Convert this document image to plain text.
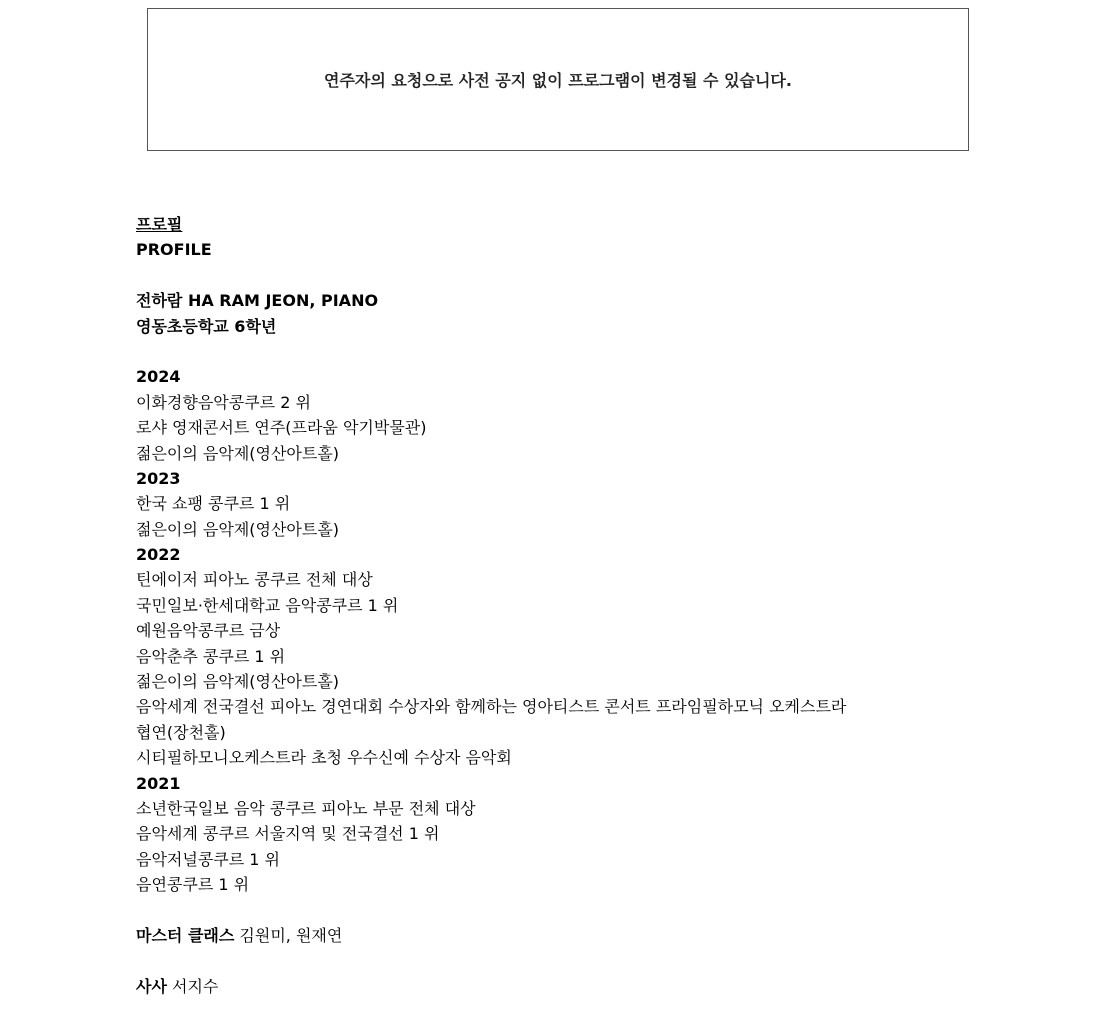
연주자의 요청으로 사전 공지 없이 프로그램이 변경될 수 있습니다.
프로필
PROFILE
전하람 HA RAM JEON, PIANO
영동초등학교 6학년
2024
이화경향음악콩쿠르 2 위
로샤 영재콘서트 연주(프라움 악기박물관)
젊은이의 음악제(영산아트홀)
2023
한국 쇼팽 콩쿠르 1 위
젊은이의 음악제(영산아트홀)
2022
틴에이저 피아노 콩쿠르 전체 대상
국민일보·한세대학교 음악콩쿠르 1 위
예원음악콩쿠르 금상
음악춘추 콩쿠르 1 위
젊은이의 음악제(영산아트홀)
음악세계 전국결선 피아노 경연대회 수상자와 함께하는 영아티스트 콘서트 프라임필하모닉 오케스트라
협연(장천홀)
시티필하모니오케스트라 초청 우수신예 수상자 음악회
2021
소년한국일보 음악 콩쿠르 피아노 부문 전체 대상
음악세계 콩쿠르 서울지역 및 전국결선 1 위
음악저널콩쿠르 1 위
음연콩쿠르 1 위
마스터 클래스 김원미, 원재연
사사 서지수
